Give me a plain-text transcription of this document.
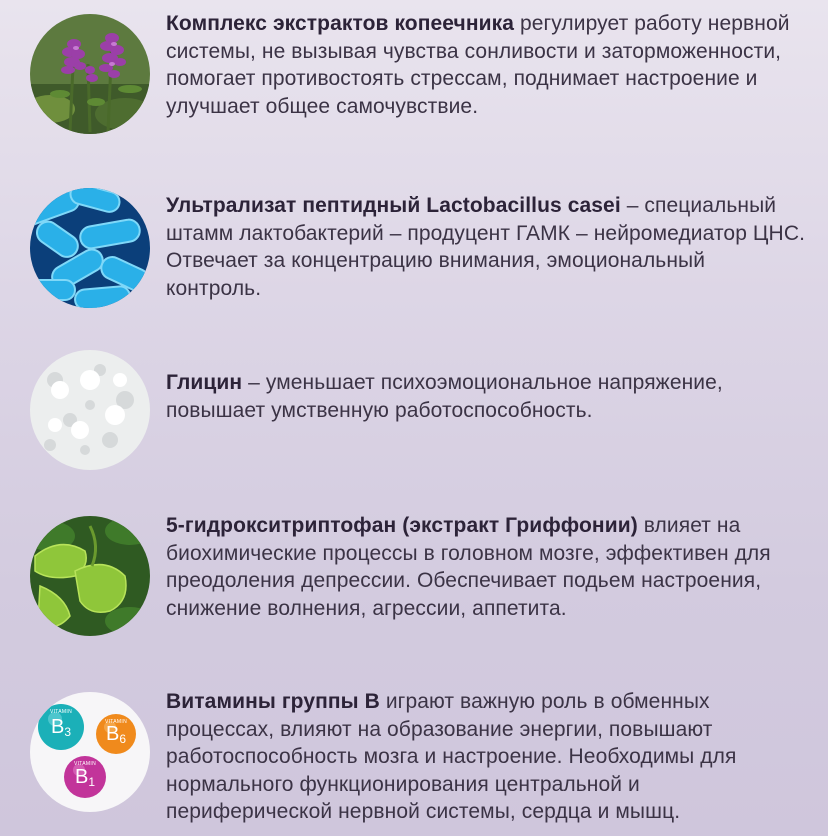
Комплекс экстрактов копеечника регулирует работу нервной системы, не вызывая чувства сонливости и заторможенности, помогает противостоять стрессам, поднимает настроение и улучшает общее самочувствие.
Ультрализат пептидный Lactobacillus casei – специальный штамм лактобактерий – продуцент ГАМК – нейромедиатор ЦНС. Отвечает за концентрацию внимания, эмоциональный контроль.
Глицин – уменьшает психоэмоциональное напряжение, повышает умственную работоспособность.
5-гидрокситриптофан (экстракт Гриффонии) влияет на биохимические процессы в головном мозге, эффективен для преодоления депрессии. Обеспечивает подьем настроения, снижение волнения, агрессии, аппетита.
VITAMIN
B 3
VITAMIN
B 6
VITAMIN
B 1
Витамины группы В играют важную роль в обменных процессах, влияют на образование энергии, повышают работоспособность мозга и настроение. Необходимы для нормального функционирования центральной и периферической нервной системы, сердца и мышц.
